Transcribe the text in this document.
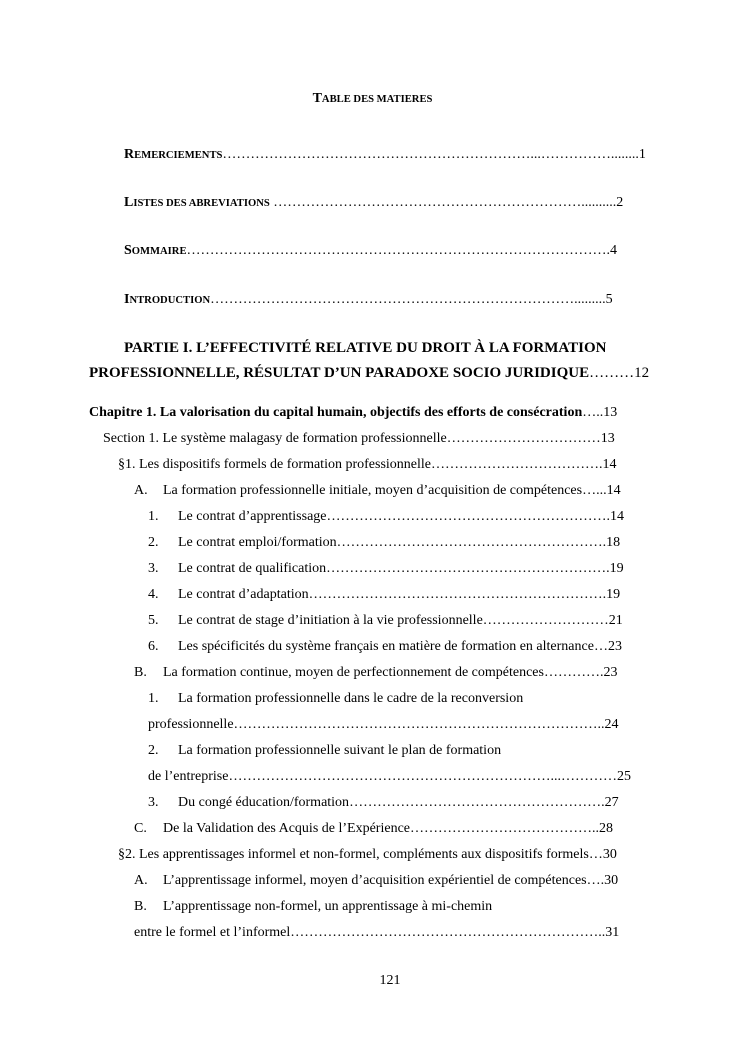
TABLE DES MATIERES
REMERCIEMENTS…………………………………………………………...……………........1
LISTES DES ABREVIATIONS …………………………………………………………..........2
SOMMAIRE……………………………………………………………………………….4
INTRODUCTION…………………………………………………………………….........5
PARTIE I. L’EFFECTIVITÉ RELATIVE DU DROIT À LA FORMATION
PROFESSIONNELLE, RÉSULTAT D’UN PARADOXE SOCIO JURIDIQUE………12
Chapitre 1. La valorisation du capital humain, objectifs des efforts de consécration…..13
Section 1. Le système malagasy de formation professionnelle……………………………13
§1. Les dispositifs formels de formation professionnelle……………………………….14
A. La formation professionnelle initiale, moyen d’acquisition de compétences…...14
1. Le contrat d’apprentissage…………………………………………………….14
2. Le contrat emploi/formation………………………………………………….18
3. Le contrat de qualification…………………………………………………….19
4. Le contrat d’adaptation……………………………………………………….19
5. Le contrat de stage d’initiation à la vie professionnelle………………………21
6. Les spécificités du système français en matière de formation en alternance…23
B. La formation continue, moyen de perfectionnement de compétences………….23
1. La formation professionnelle dans le cadre de la reconversion
professionnelle……………………………………………………………………..24
2. La formation professionnelle suivant le plan de formation
de l’entreprise……………………………………………………………...…………25
3. Du congé éducation/formation……………………………………………….27
C. De la Validation des Acquis de l’Expérience…………………………………..28
§2. Les apprentissages informel et non-formel, compléments aux dispositifs formels…30
A. L’apprentissage informel, moyen d’acquisition expérientiel de compétences….30
B. L’apprentissage non-formel, un apprentissage à mi-chemin
entre le formel et l’informel…………………………………………………………..31
121
